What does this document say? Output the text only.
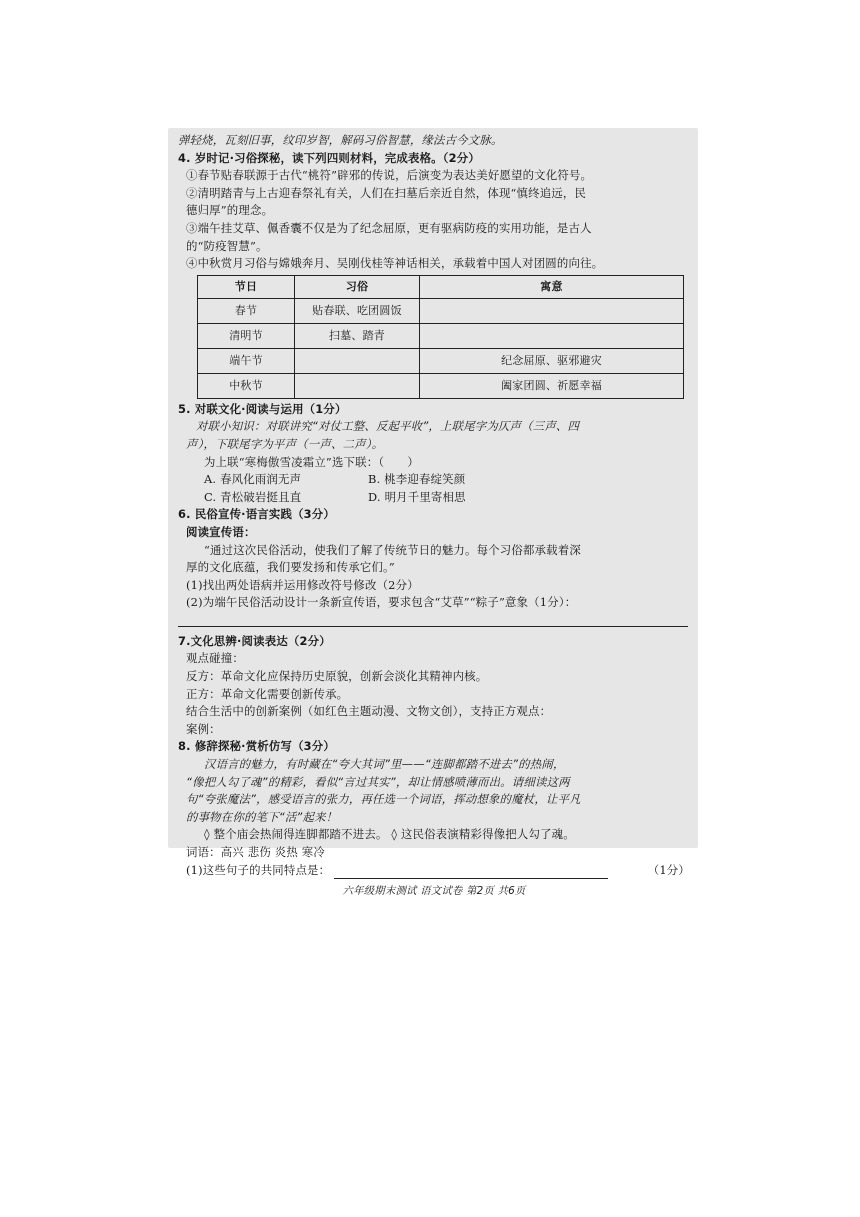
弹轻烧，瓦刻旧事，纹印岁智，解码习俗智慧，缘法古今文脉。
4. 岁时记·习俗探秘，读下列四则材料，完成表格。（2分）
①春节贴春联源于古代“桃符”辟邪的传说，后演变为表达美好愿望的文化符号。
②清明踏青与上古迎春祭礼有关，人们在扫墓后亲近自然，体现“慎终追远，民
德归厚”的理念。
③端午挂艾草、佩香囊不仅是为了纪念屈原，更有驱病防疫的实用功能，是古人
的“防疫智慧”。
④中秋赏月习俗与嫦娥奔月、吴刚伐桂等神话相关，承载着中国人对团圆的向往。
节日	习俗	寓意
春节	贴春联、吃团圆饭	
清明节	扫墓、踏青	
端午节		纪念屈原、驱邪避灾
中秋节		阖家团圆、祈愿幸福
5. 对联文化·阅读与运用（1分）
对联小知识：对联讲究“对仗工整、反起平收”，上联尾字为仄声（三声、四
声），下联尾字为平声（一声、二声）。
为上联“寒梅傲雪凌霜立”选下联：（　　）
A. 春风化雨润无声	B. 桃李迎春绽笑颜
C. 青松破岩挺且直	D. 明月千里寄相思
6. 民俗宣传·语言实践（3分）
阅读宣传语：
“通过这次民俗活动，使我们了解了传统节日的魅力。每个习俗都承载着深
厚的文化底蕴，我们要发扬和传承它们。”
(1)找出两处语病并运用修改符号修改（2分）
(2)为端午民俗活动设计一条新宣传语，要求包含“艾草”“粽子”意象（1分）：
7.文化思辨·阅读表达（2分）
观点碰撞：
反方：革命文化应保持历史原貌，创新会淡化其精神内核。
正方：革命文化需要创新传承。
结合生活中的创新案例（如红色主题动漫、文物文创），支持正方观点：
案例：
8. 修辞探秘·赏析仿写（3分）
汉语言的魅力，有时藏在“夸大其词”里——“连脚都踏不进去”的热闹，
“像把人勾了魂”的精彩，看似“言过其实”，却让情感喷薄而出。请细读这两
句“夸张魔法”，感受语言的张力，再任选一个词语，挥动想象的魔杖，让平凡
的事物在你的笔下“活”起来！
◊ 整个庙会热闹得连脚都踏不进去。 ◊ 这民俗表演精彩得像把人勾了魂。
词语：高兴 悲伤 炎热 寒冷
(1)这些句子的共同特点是：	（1分）
六年级期末测试 语文试卷 第2页 共6页
